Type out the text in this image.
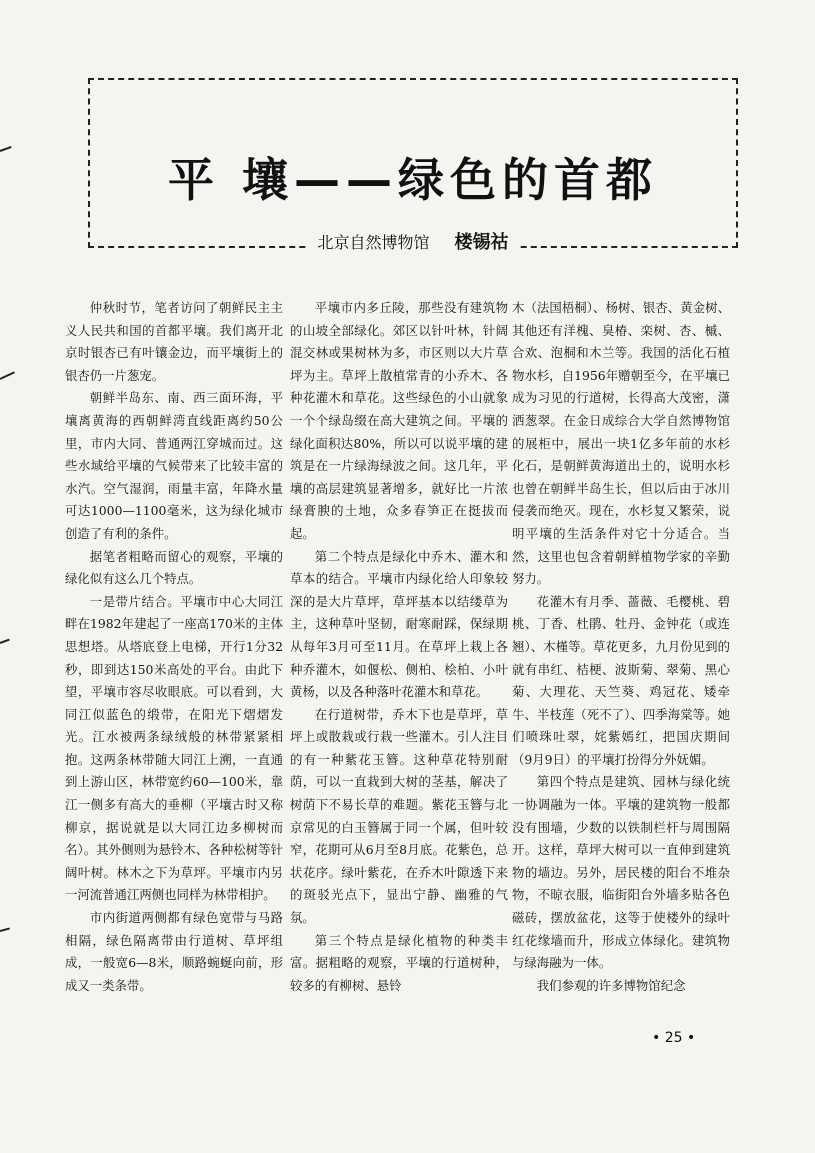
平 壤——绿色的首都
北京自然博物馆 楼锡祜

仲秋时节，笔者访问了朝鲜民主主义人民共和国的首都平壤。我们离开北京时银杏已有叶镶金边，而平壤街上的银杏仍一片葱宠。

朝鲜半岛东、南、西三面环海，平壤离黄海的西朝鲜湾直线距离约50公里，市内大同、普通两江穿城而过。这些水域给平壤的气候带来了比较丰富的水汽。空气湿润，雨量丰富，年降水量可达1000—1100毫米，这为绿化城市创造了有利的条件。

据笔者粗略而留心的观察，平壤的绿化似有这么几个特点。

一是带片结合。平壤市中心大同江畔在1982年建起了一座高170米的主体思想塔。从塔底登上电梯，开行1分32秒，即到达150米高处的平台。由此下望，平壤市容尽收眼底。可以看到，大同江似蓝色的缎带，在阳光下熠熠发光。江水被两条绿绒般的林带紧紧相抱。这两条林带随大同江上溯，一直通到上游山区，林带宽约60—100米，靠江一侧多有高大的垂柳（平壤古时又称柳京，据说就是以大同江边多柳树而名）。其外侧则为悬铃木、各种松树等针阔叶树。林木之下为草坪。平壤市内另一河流普通江两侧也同样为林带相护。

市内街道两侧都有绿色宽带与马路相隔，绿色隔离带由行道树、草坪组成，一般宽6—8米，顺路蜿蜒向前，形成又一类条带。

平壤市内多丘陵，那些没有建筑物的山坡全部绿化。郊区以针叶林，针阔混交林或果树林为多，市区则以大片草坪为主。草坪上散植常青的小乔木、各种花灌木和草花。这些绿色的小山就象一个个绿岛缀在高大建筑之间。平壤的绿化面积达80%，所以可以说平壤的建筑是在一片绿海绿波之间。这几年，平壤的高层建筑显著增多，就好比一片浓绿膏腴的土地，众多春笋正在挺拔而起。

第二个特点是绿化中乔木、灌木和草本的结合。平壤市内绿化给人印象较深的是大片草坪，草坪基本以结缕草为主，这种草叶坚韧，耐寒耐踩，保绿期从每年3月可至11月。在草坪上栽上各种乔灌木，如偃松、侧柏、桧柏、小叶黄杨，以及各种落叶花灌木和草花。

在行道树带，乔木下也是草坪，草坪上或散栽或行栽一些灌木。引人注目的有一种紫花玉簪。这种草花特别耐荫，可以一直栽到大树的茎基，解决了树荫下不易长草的难题。紫花玉簪与北京常见的白玉簪属于同一个属，但叶较窄，花期可从6月至8月底。花紫色，总状花序。绿叶紫花，在乔木叶隙透下来的斑驳光点下，显出宁静、幽雅的气氛。

第三个特点是绿化植物的种类丰富。据粗略的观察，平壤的行道树种，较多的有柳树、悬铃

木（法国梧桐）、杨树、银杏、黄金树、其他还有洋槐、臭椿、栾树、杏、槭、合欢、泡桐和木兰等。我国的活化石植物水杉，自1956年赠朝至今，在平壤已成为习见的行道树，长得高大茂密，潇洒葱翠。在金日成综合大学自然博物馆的展柜中，展出一块1亿多年前的水杉化石，是朝鲜黄海道出土的，说明水杉也曾在朝鲜半岛生长，但以后由于冰川侵袭而绝灭。现在，水杉复又繁荣，说明平壤的生活条件对它十分适合。当然，这里也包含着朝鲜植物学家的辛勤努力。

花灌木有月季、蔷薇、毛樱桃、碧桃、丁香、杜鹃、牡丹、金钟花（或连翘）、木槿等。草花更多，九月份见到的就有串红、桔梗、波斯菊、翠菊、黑心菊、大理花、天竺葵、鸡冠花、矮牵牛、半枝莲（死不了）、四季海棠等。她们喷珠吐翠，姹紫嫣红，把国庆期间（9月9日）的平壤打扮得分外妩媚。

第四个特点是建筑、园林与绿化统一协调融为一体。平壤的建筑物一般都没有围墙，少数的以铁制栏杆与周围隔开。这样，草坪大树可以一直伸到建筑物的墙边。另外，居民楼的阳台不堆杂物，不晾衣服，临街阳台外墙多贴各色磁砖，摆放盆花，这等于使楼外的绿叶红花缘墙而升，形成立体绿化。建筑物与绿海融为一体。

我们参观的许多博物馆纪念

• 25 •
